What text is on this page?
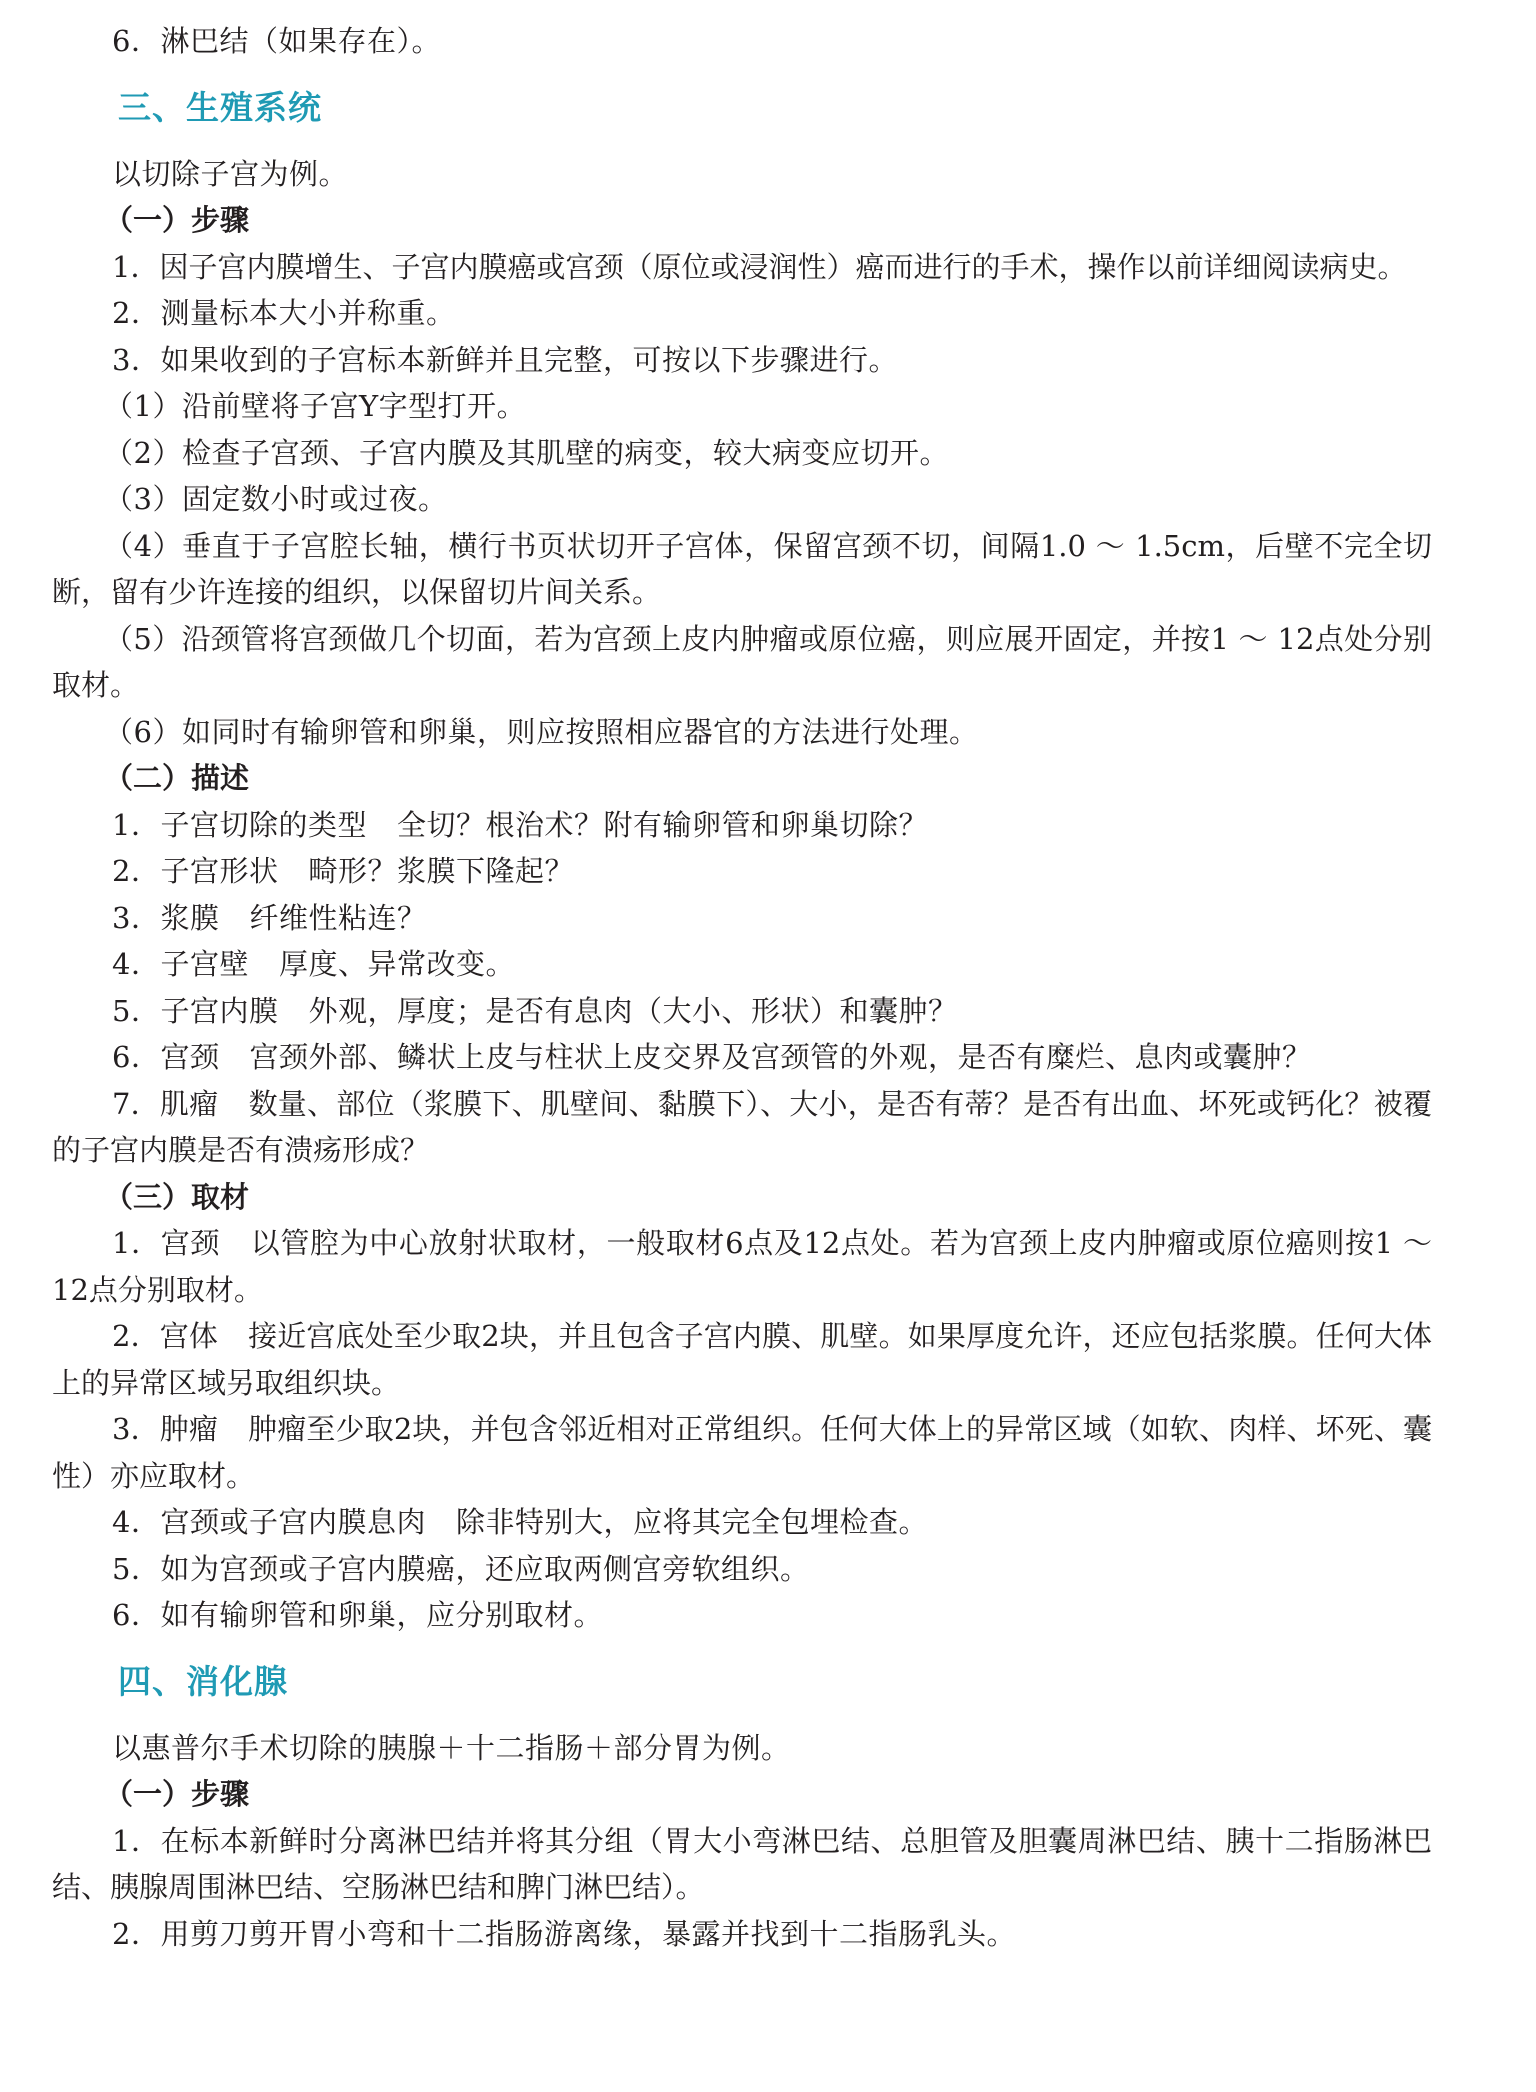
6．淋巴结（如果存在）。
三、生殖系统
以切除子宫为例。
（一）步骤
1．因子宫内膜增生、子宫内膜癌或宫颈（原位或浸润性）癌而进行的手术，操作以前详细阅读病史。
2．测量标本大小并称重。
3．如果收到的子宫标本新鲜并且完整，可按以下步骤进行。
（1）沿前壁将子宫Y字型打开。
（2）检查子宫颈、子宫内膜及其肌壁的病变，较大病变应切开。
（3）固定数小时或过夜。
（4）垂直于子宫腔长轴，横行书页状切开子宫体，保留宫颈不切，间隔1.0 ～ 1.5cm，后壁不完全切断，留有少许连接的组织，以保留切片间关系。
（5）沿颈管将宫颈做几个切面，若为宫颈上皮内肿瘤或原位癌，则应展开固定，并按1 ～ 12点处分别取材。
（6）如同时有输卵管和卵巢，则应按照相应器官的方法进行处理。
（二）描述
1．子宫切除的类型 全切？根治术？附有输卵管和卵巢切除？
2．子宫形状 畸形？浆膜下隆起？
3．浆膜 纤维性粘连？
4．子宫壁 厚度、异常改变。
5．子宫内膜 外观，厚度；是否有息肉（大小、形状）和囊肿？
6．宫颈 宫颈外部、鳞状上皮与柱状上皮交界及宫颈管的外观，是否有糜烂、息肉或囊肿？
7．肌瘤 数量、部位（浆膜下、肌壁间、黏膜下）、大小，是否有蒂？是否有出血、坏死或钙化？被覆的子宫内膜是否有溃疡形成？
（三）取材
1．宫颈 以管腔为中心放射状取材，一般取材6点及12点处。若为宫颈上皮内肿瘤或原位癌则按1 ～ 12点分别取材。
2．宫体 接近宫底处至少取2块，并且包含子宫内膜、肌壁。如果厚度允许，还应包括浆膜。任何大体上的异常区域另取组织块。
3．肿瘤 肿瘤至少取2块，并包含邻近相对正常组织。任何大体上的异常区域（如软、肉样、坏死、囊性）亦应取材。
4．宫颈或子宫内膜息肉 除非特别大，应将其完全包埋检查。
5．如为宫颈或子宫内膜癌，还应取两侧宫旁软组织。
6．如有输卵管和卵巢，应分别取材。
四、消化腺
以惠普尔手术切除的胰腺＋十二指肠＋部分胃为例。
（一）步骤
1．在标本新鲜时分离淋巴结并将其分组（胃大小弯淋巴结、总胆管及胆囊周淋巴结、胰十二指肠淋巴结、胰腺周围淋巴结、空肠淋巴结和脾门淋巴结）。
2．用剪刀剪开胃小弯和十二指肠游离缘，暴露并找到十二指肠乳头。
